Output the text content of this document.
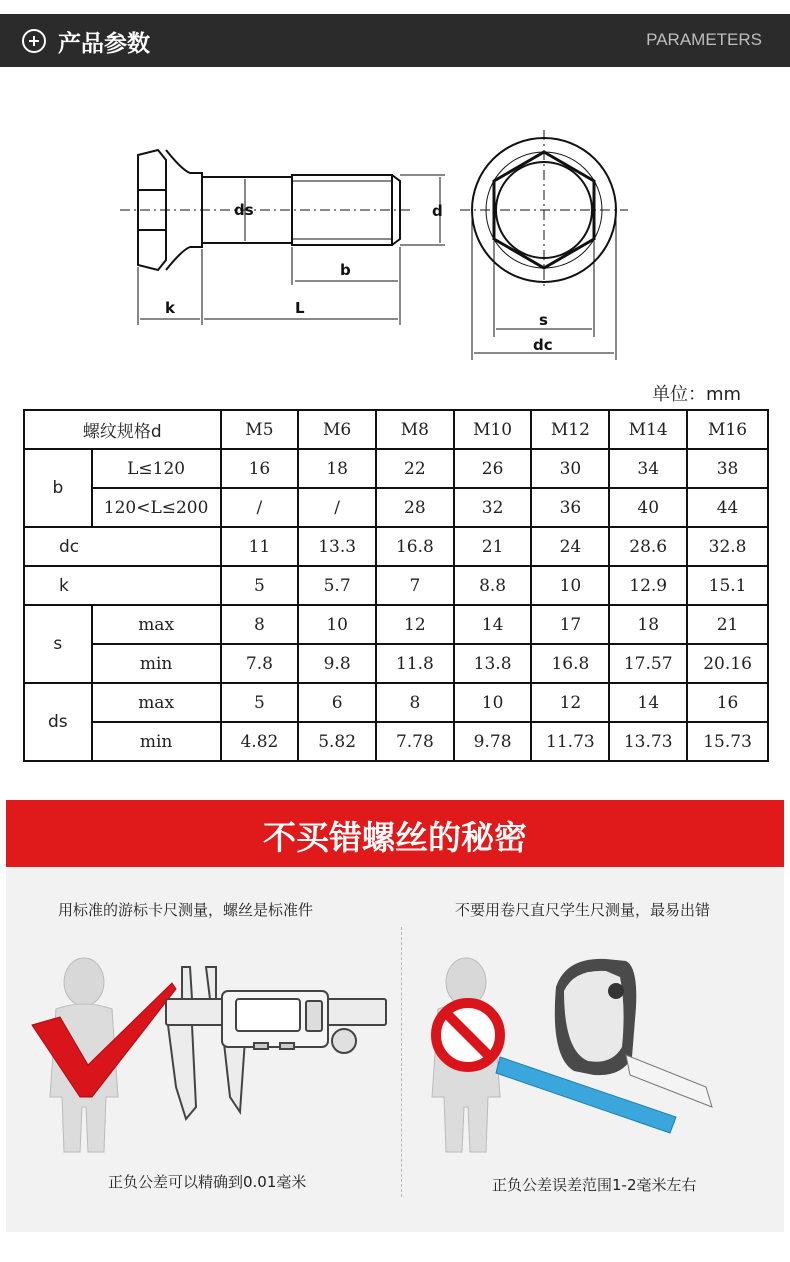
产品参数	PARAMETERS
ds	d
b
k	L
s
dc
单位：mm
螺纹规格d		M5	M6	M8	M10	M12	M14	M16
b	L≤120	16	18	22	26	30	34	38
	120<L≤200	/	/	28	32	36	40	44
dc		11	13.3	16.8	21	24	28.6	32.8
k		5	5.7	7	8.8	10	12.9	15.1
s	max	8	10	12	14	17	18	21
	min	7.8	9.8	11.8	13.8	16.8	17.57	20.16
ds	max	5	6	8	10	12	14	16
	min	4.82	5.82	7.78	9.78	11.73	13.73	15.73
不买错螺丝的秘密
用标准的游标卡尺测量，螺丝是标准件	不要用卷尺直尺学生尺测量，最易出错
正负公差可以精确到0.01毫米	正负公差误差范围1-2毫米左右
